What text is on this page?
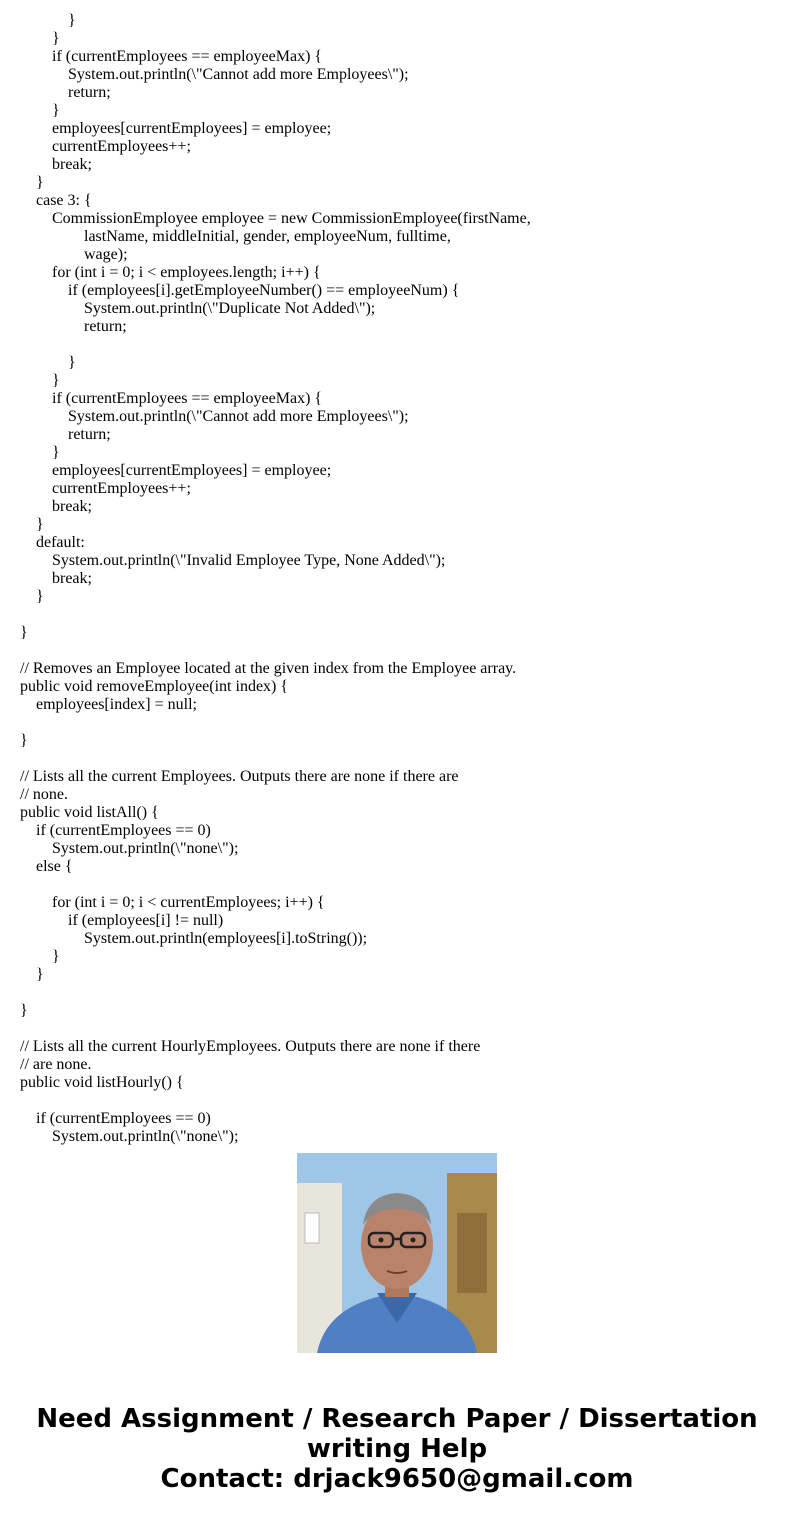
}
}
if (currentEmployees == employeeMax) {
System.out.println(\"Cannot add more Employees\");
return;
}
employees[currentEmployees] = employee;
currentEmployees++;
break;
}
case 3: {
CommissionEmployee employee = new CommissionEmployee(firstName,
lastName, middleInitial, gender, employeeNum, fulltime,
wage);
for (int i = 0; i < employees.length; i++) {
if (employees[i].getEmployeeNumber() == employeeNum) {
System.out.println(\"Duplicate Not Added\");
return;
}
}
if (currentEmployees == employeeMax) {
System.out.println(\"Cannot add more Employees\");
return;
}
employees[currentEmployees] = employee;
currentEmployees++;
break;
}
default:
System.out.println(\"Invalid Employee Type, None Added\");
break;
}
}
// Removes an Employee located at the given index from the Employee array.
public void removeEmployee(int index) {
employees[index] = null;
}
// Lists all the current Employees. Outputs there are none if there are
// none.
public void listAll() {
if (currentEmployees == 0)
System.out.println(\"none\");
else {
for (int i = 0; i < currentEmployees; i++) {
if (employees[i] != null)
System.out.println(employees[i].toString());
}
}
}
// Lists all the current HourlyEmployees. Outputs there are none if there
// are none.
public void listHourly() {
if (currentEmployees == 0)
System.out.println(\"none\");
Need Assignment / Research Paper / Dissertation
writing Help
Contact: drjack9650@gmail.com
